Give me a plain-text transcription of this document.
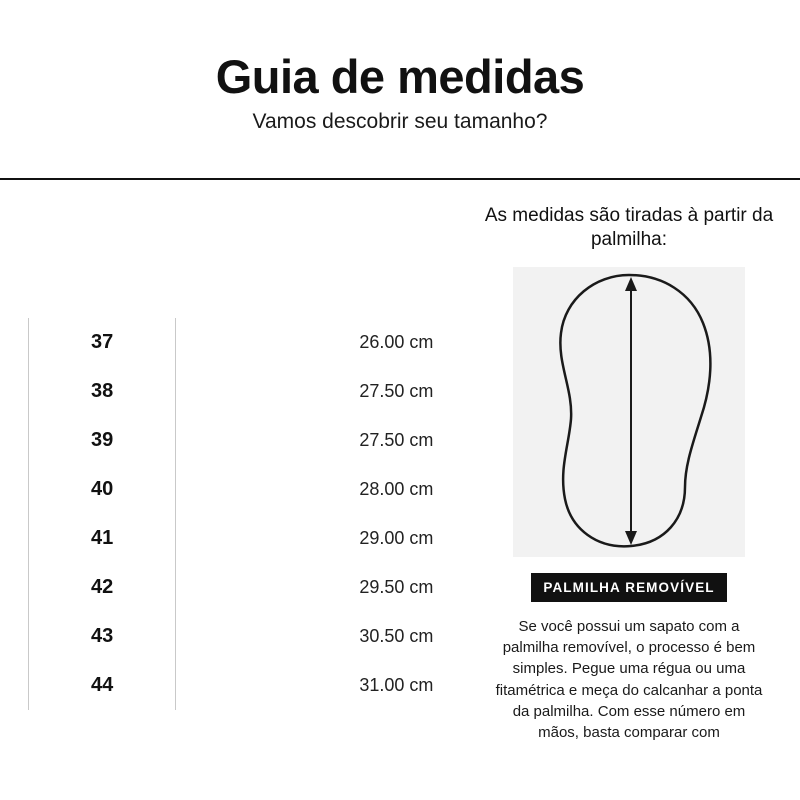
Guia de medidas

Vamos descobrir seu tamanho?

IMPULSE		
NUMERAÇÃO		MEDIDA DA PALMILHA
37		26.00 cm
38		27.50 cm
39		27.50 cm
40		28.00 cm
41		29.00 cm
42		29.50 cm
43		30.50 cm
44		31.00 cm
As medidas são tiradas à partir da palmilha:
PALMILHA REMOVÍVEL
Se você possui um sapato com a palmilha removível, o processo é bem simples. Pegue uma régua ou uma fitamétrica e meça do calcanhar a ponta da palmilha. Com esse número em mãos, basta comparar com
